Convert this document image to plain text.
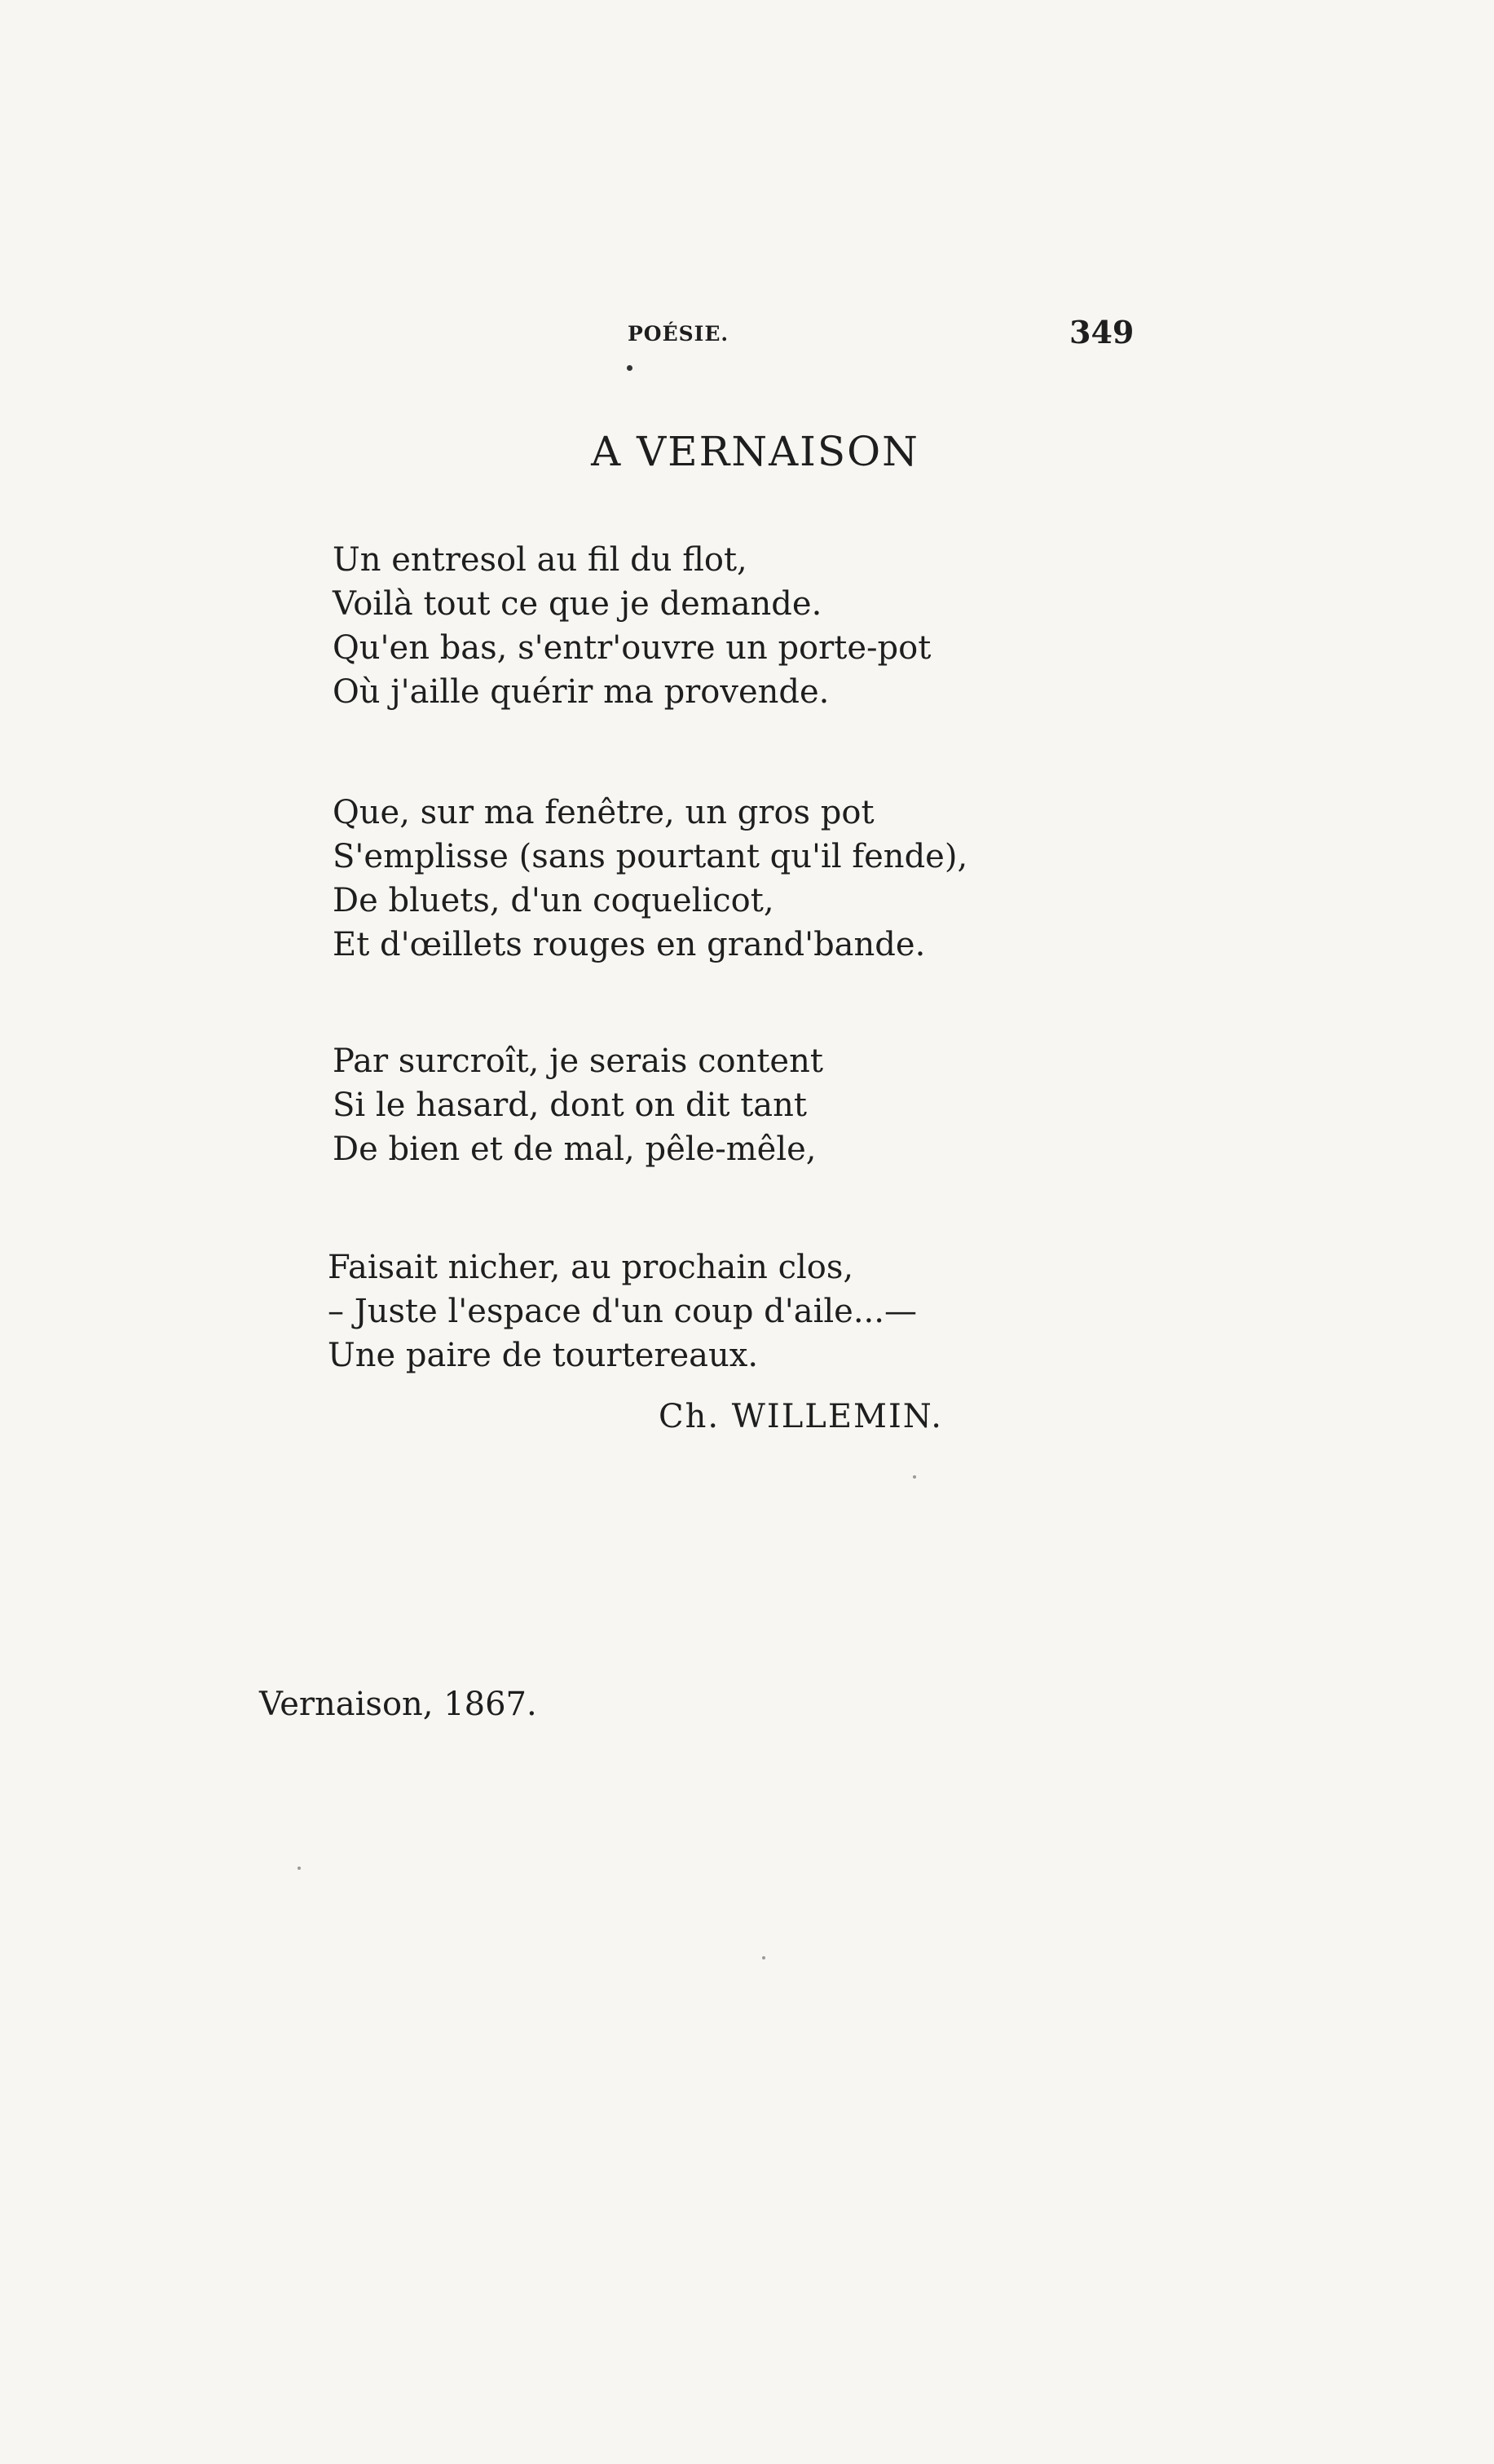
POÉSIE.	349
A VERNAISON
Un entresol au fil du flot,
Voilà tout ce que je demande.
Qu'en bas, s'entr'ouvre un porte-pot
Où j'aille quérir ma provende.
Que, sur ma fenêtre, un gros pot
S'emplisse (sans pourtant qu'il fende),
De bluets, d'un coquelicot,
Et d'œillets rouges en grand'bande.
Par surcroît, je serais content
Si le hasard, dont on dit tant
De bien et de mal, pêle-mêle,
Faisait nicher, au prochain clos,
– Juste l'espace d'un coup d'aile...—
Une paire de tourtereaux.
Ch. WILLEMIN.
Vernaison, 1867.
